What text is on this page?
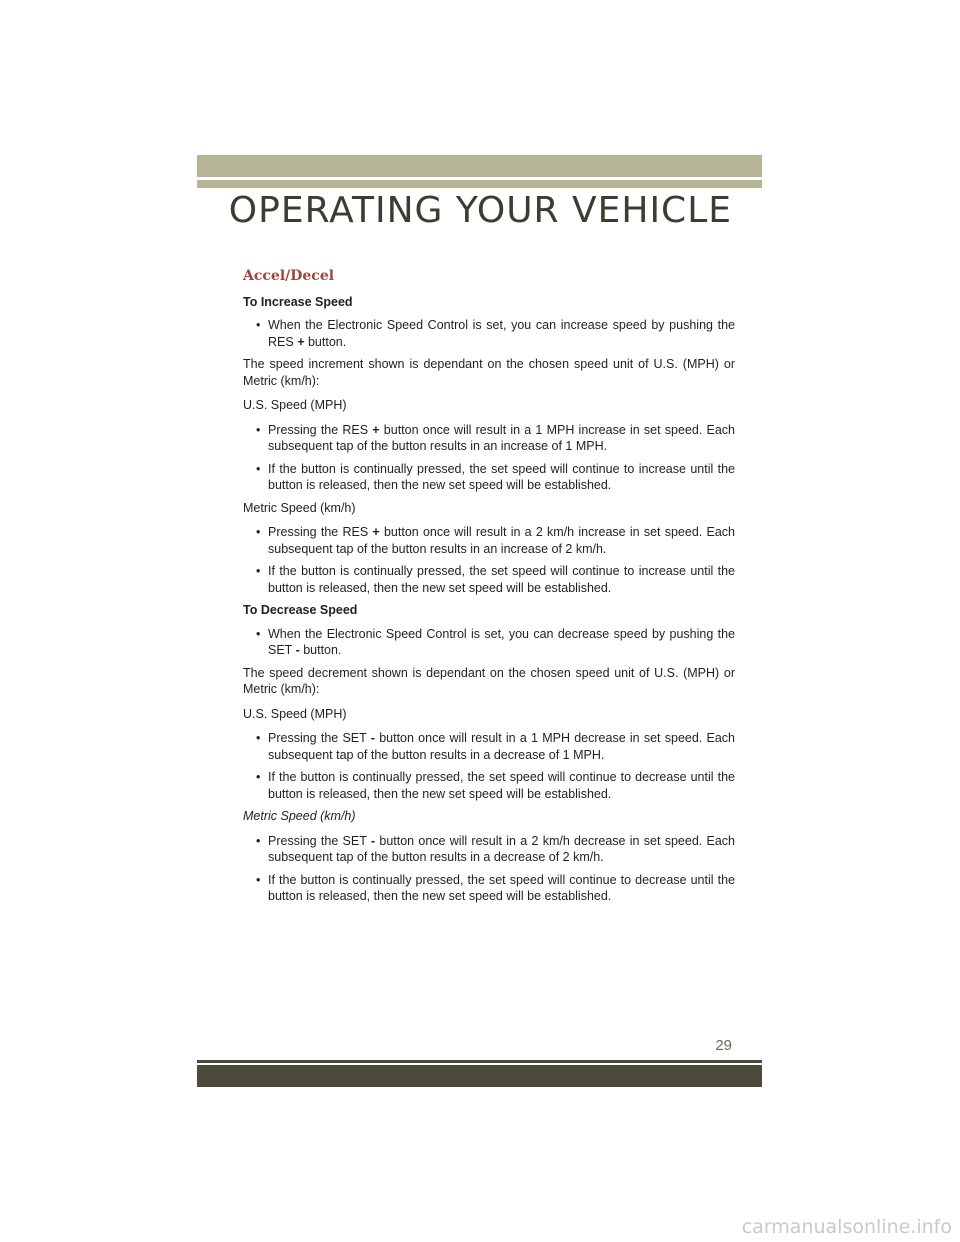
OPERATING YOUR VEHICLE
Accel/Decel
To Increase Speed
• When the Electronic Speed Control is set, you can increase speed by pushing the RES + button.

The speed increment shown is dependant on the chosen speed unit of U.S. (MPH) or Metric (km/h):

U.S. Speed (MPH)

• Pressing the RES + button once will result in a 1 MPH increase in set speed. Each subsequent tap of the button results in an increase of 1 MPH.
• If the button is continually pressed, the set speed will continue to increase until the button is released, then the new set speed will be established.

Metric Speed (km/h)

• Pressing the RES + button once will result in a 2 km/h increase in set speed. Each subsequent tap of the button results in an increase of 2 km/h.
• If the button is continually pressed, the set speed will continue to increase until the button is released, then the new set speed will be established.
To Decrease Speed
• When the Electronic Speed Control is set, you can decrease speed by pushing the SET - button.

The speed decrement shown is dependant on the chosen speed unit of U.S. (MPH) or Metric (km/h):

U.S. Speed (MPH)

• Pressing the SET - button once will result in a 1 MPH decrease in set speed. Each subsequent tap of the button results in a decrease of 1 MPH.
• If the button is continually pressed, the set speed will continue to decrease until the button is released, then the new set speed will be established.

Metric Speed (km/h)

• Pressing the SET - button once will result in a 2 km/h decrease in set speed. Each subsequent tap of the button results in a decrease of 2 km/h.
• If the button is continually pressed, the set speed will continue to decrease until the button is released, then the new set speed will be established.
29
carmanualsonline.info
